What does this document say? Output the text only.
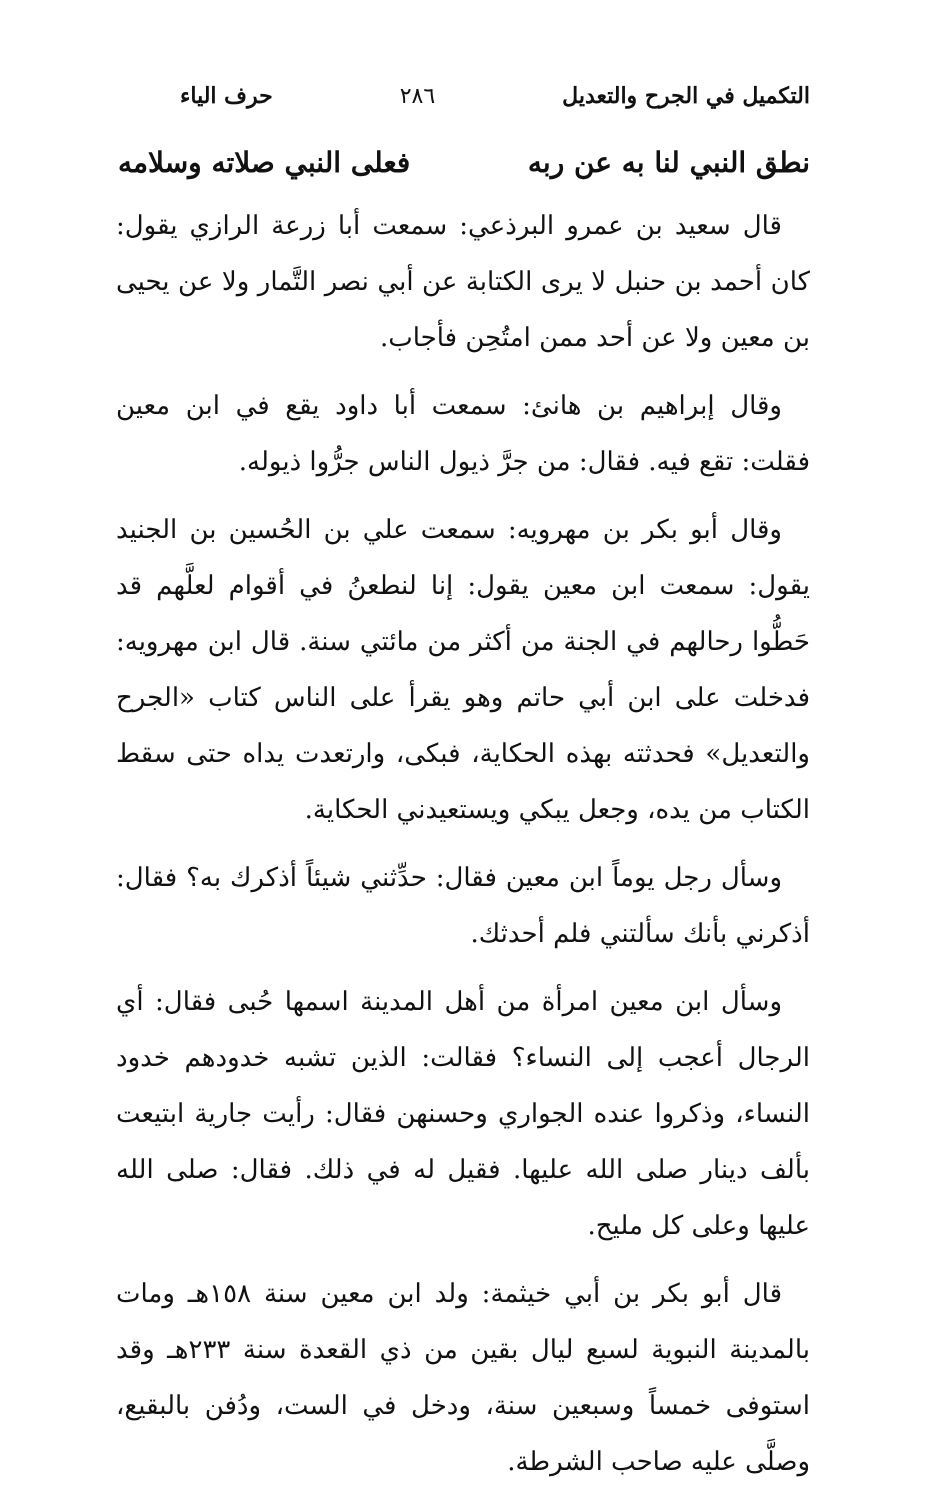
التكميل في الجرح والتعديل
٢٨٦
حرف الياء
نطق النبي لنا به عن ربه
فعلى النبي صلاته وسلامه

قال سعيد بن عمرو البرذعي: سمعت أبا زرعة الرازي يقول: كان أحمد بن حنبل لا يرى الكتابة عن أبي نصر التَّمار ولا عن يحيى بن معين ولا عن أحد ممن امتُحِن فأجاب.

وقال إبراهيم بن هانئ: سمعت أبا داود يقع في ابن معين فقلت: تقع فيه. فقال: من جرَّ ذيول الناس جرُّوا ذيوله.

وقال أبو بكر بن مهرويه: سمعت علي بن الحُسين بن الجنيد يقول: سمعت ابن معين يقول: إنا لنطعنُ في أقوام لعلَّهم قد حَطُّوا رحالهم في الجنة من أكثر من مائتي سنة. قال ابن مهرويه: فدخلت على ابن أبي حاتم وهو يقرأ على الناس كتاب «الجرح والتعديل» فحدثته بهذه الحكاية، فبكى، وارتعدت يداه حتى سقط الكتاب من يده، وجعل يبكي ويستعيدني الحكاية.

وسأل رجل يوماً ابن معين فقال: حدِّثني شيئاً أذكرك به؟ فقال: أذكرني بأنك سألتني فلم أحدثك.

وسأل ابن معين امرأة من أهل المدينة اسمها حُبى فقال: أي الرجال أعجب إلى النساء؟ فقالت: الذين تشبه خدودهم خدود النساء، وذكروا عنده الجواري وحسنهن فقال: رأيت جارية ابتيعت بألف دينار صلى الله عليها. فقيل له في ذلك. فقال: صلى الله عليها وعلى كل مليح.

قال أبو بكر بن أبي خيثمة: ولد ابن معين سنة ١٥٨هـ ومات بالمدينة النبوية لسبع ليال بقين من ذي القعدة سنة ٢٣٣هـ وقد استوفى خمساً وسبعين سنة، ودخل في الست، ودُفن بالبقيع، وصلَّى عليه صاحب الشرطة.
